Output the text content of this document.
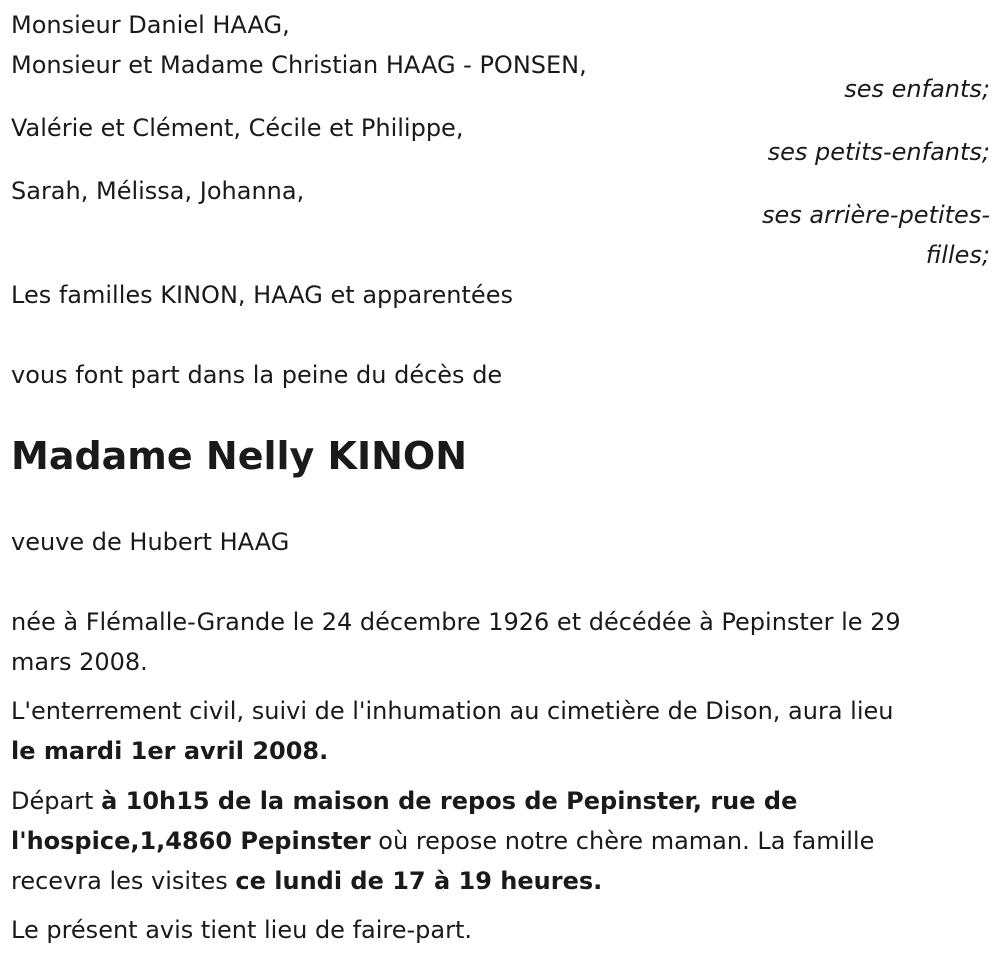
Monsieur Daniel HAAG,
Monsieur et Madame Christian HAAG - PONSEN,
ses enfants;
Valérie et Clément, Cécile et Philippe,
ses petits-enfants;
Sarah, Mélissa, Johanna,
ses arrière-petites-
filles;
Les familles KINON, HAAG et apparentées
vous font part dans la peine du décès de
Madame Nelly KINON
veuve de Hubert HAAG
née à Flémalle-Grande le 24 décembre 1926 et décédée à Pepinster le 29
mars 2008.
L'enterrement civil, suivi de l'inhumation au cimetière de Dison, aura lieu
le mardi 1er avril 2008.
Départ à 10h15 de la maison de repos de Pepinster, rue de
l'hospice,1,4860 Pepinster où repose notre chère maman. La famille
recevra les visites ce lundi de 17 à 19 heures.
Le présent avis tient lieu de faire-part.
